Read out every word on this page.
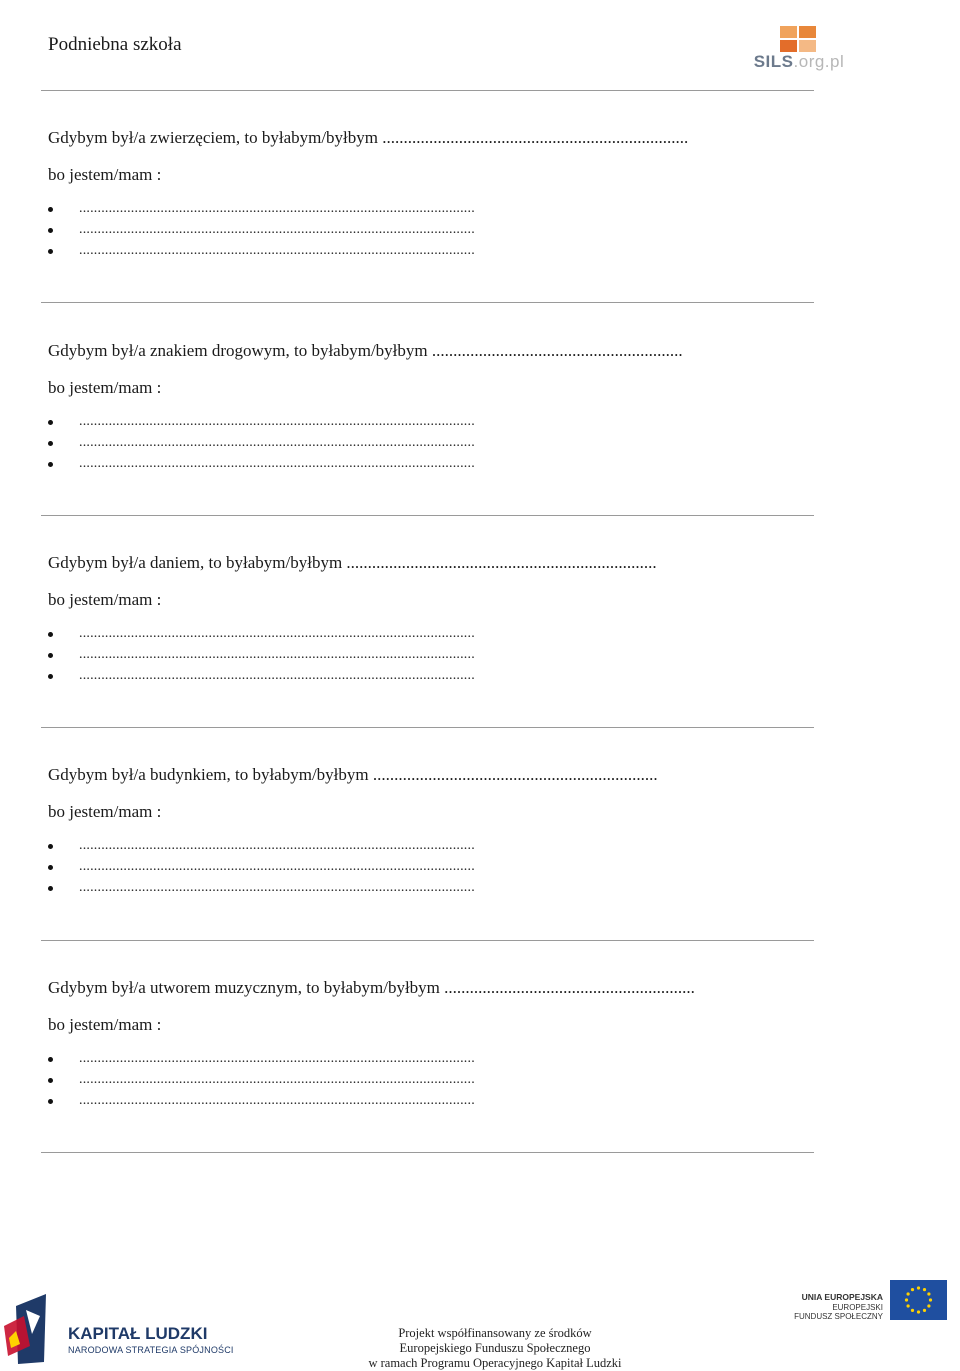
Podniebna szkoła
SILS.org.pl
Gdybym był/a zwierzęciem, to byłabym/byłbym ........................................................................
bo jestem/mam :
...........................................................................................................
...........................................................................................................
...........................................................................................................
Gdybym był/a znakiem drogowym, to byłabym/byłbym ...........................................................
bo jestem/mam :
...........................................................................................................
...........................................................................................................
...........................................................................................................
Gdybym był/a daniem, to byłabym/byłbym .........................................................................
bo jestem/mam :
...........................................................................................................
...........................................................................................................
...........................................................................................................
Gdybym był/a budynkiem, to byłabym/byłbym ...................................................................
bo jestem/mam :
...........................................................................................................
...........................................................................................................
...........................................................................................................
Gdybym był/a utworem muzycznym, to byłabym/byłbym ...........................................................
bo jestem/mam :
...........................................................................................................
...........................................................................................................
...........................................................................................................
KAPITAŁ LUDZKI
NARODOWA STRATEGIA SPÓJNOŚCI
Projekt współfinansowany ze środków
Europejskiego Funduszu Społecznego
w ramach Programu Operacyjnego Kapitał Ludzki
UNIA EUROPEJSKA
EUROPEJSKI
FUNDUSZ SPOŁECZNY
